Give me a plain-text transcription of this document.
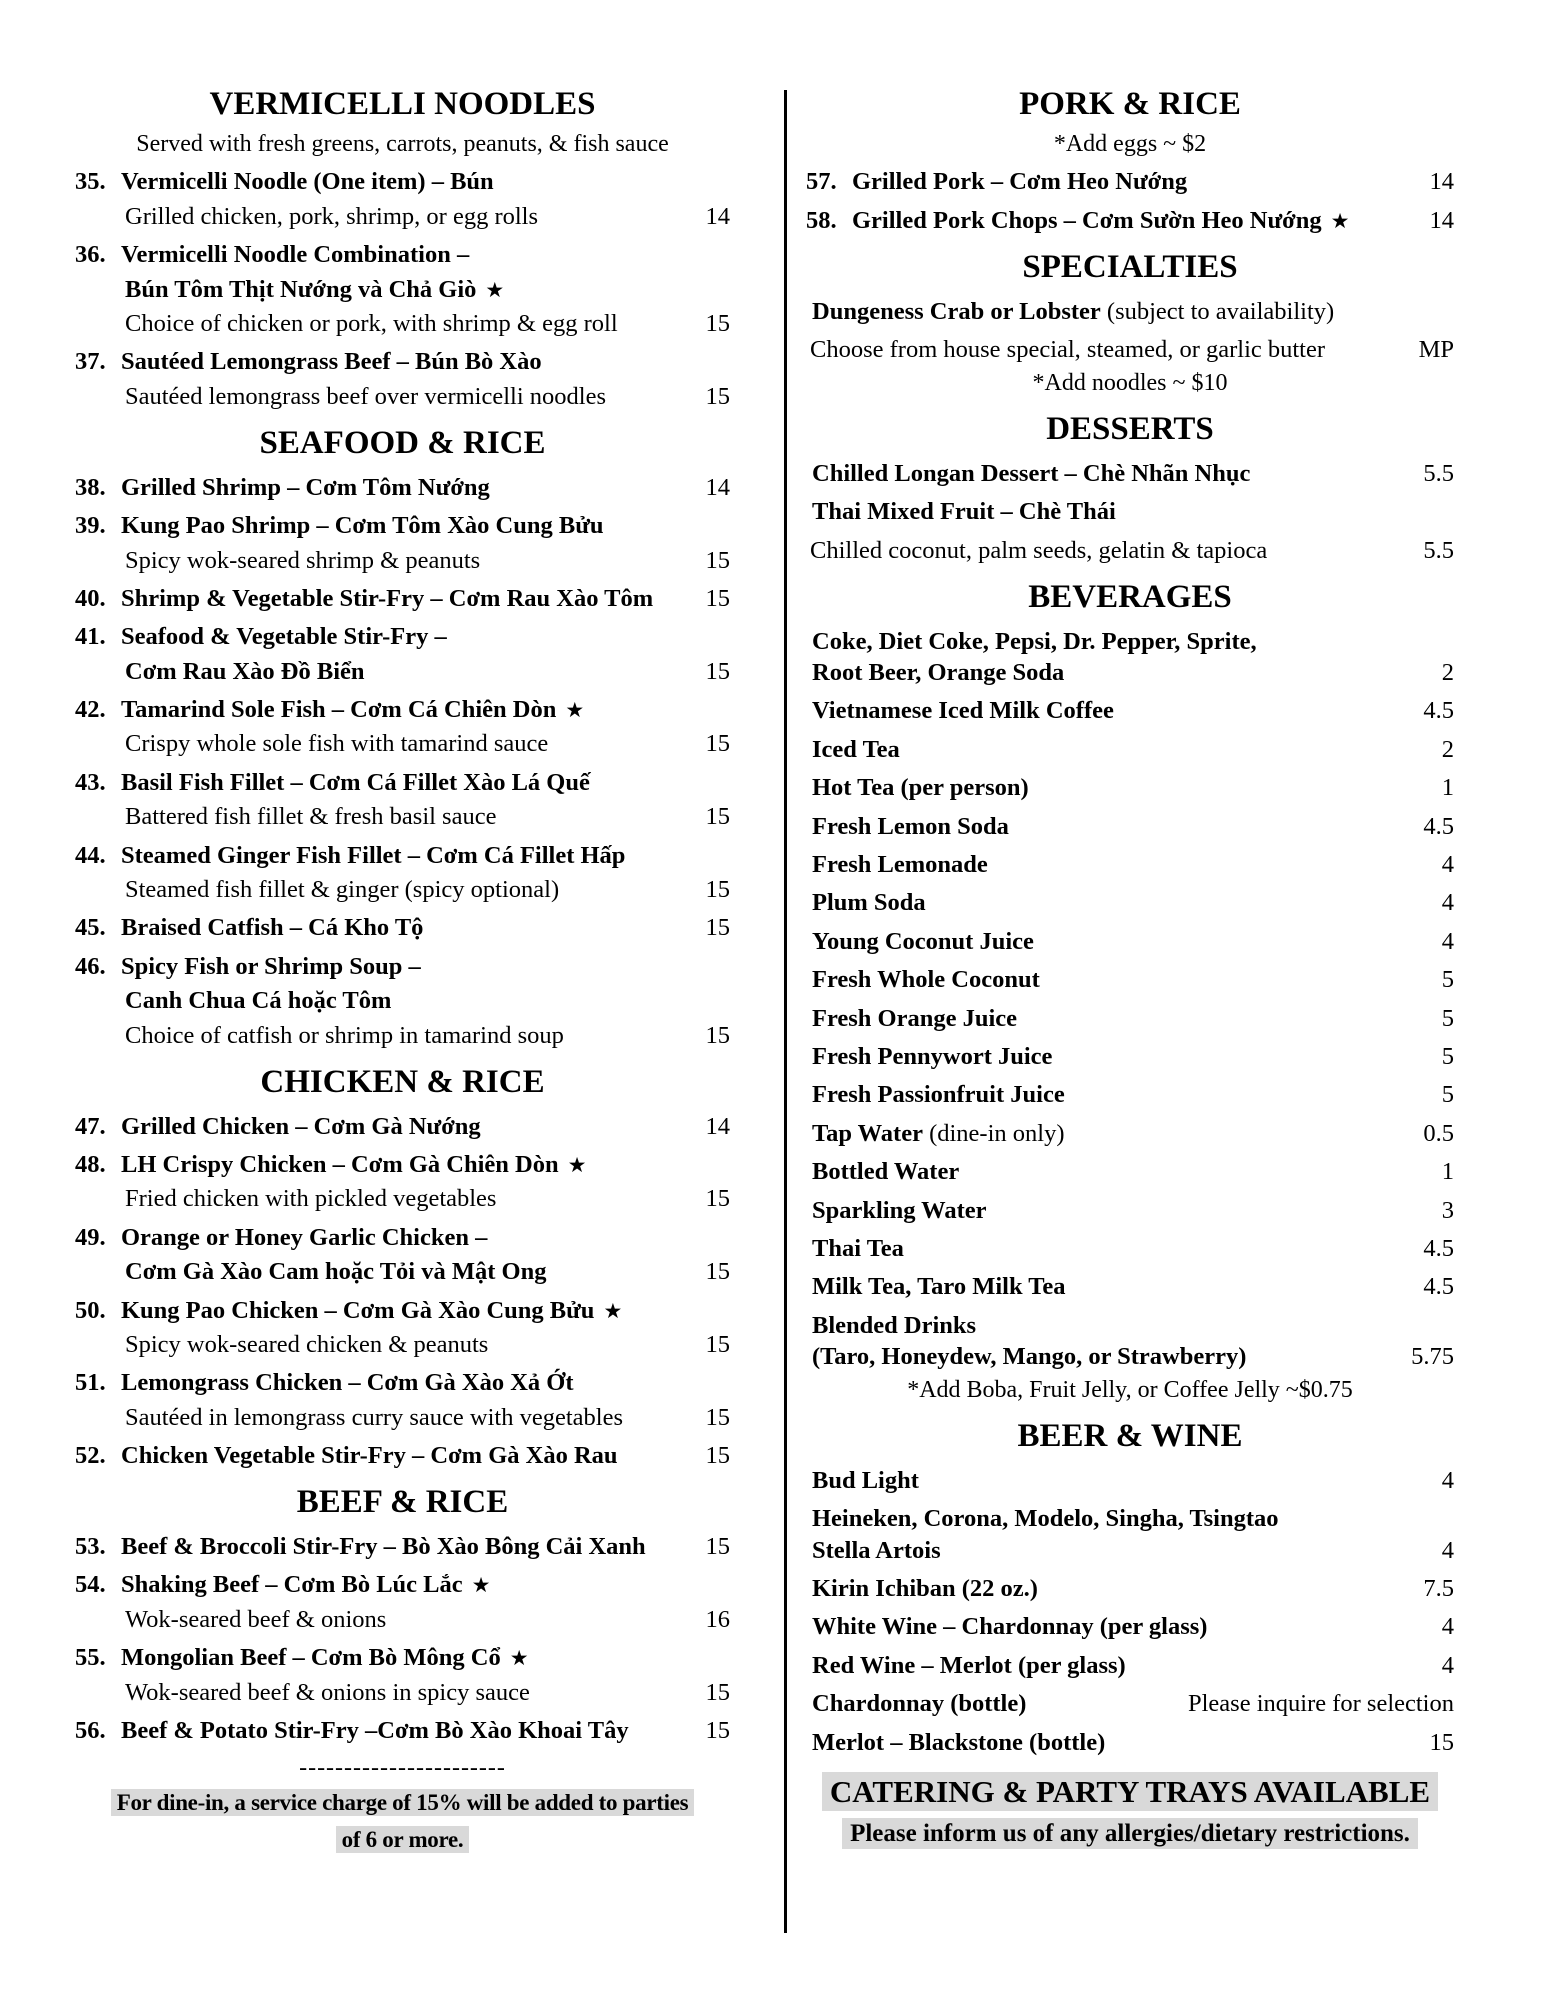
VERMICELLI NOODLES
Served with fresh greens, carrots, peanuts, & fish sauce
35. Vermicelli Noodle (One item) – Bún
Grilled chicken, pork, shrimp, or egg rolls	14
36. Vermicelli Noodle Combination –
Bún Tôm Thịt Nướng và Chả Giò ★
Choice of chicken or pork, with shrimp & egg roll	15
37. Sautéed Lemongrass Beef – Bún Bò Xào
Sautéed lemongrass beef over vermicelli noodles	15
SEAFOOD & RICE
38. Grilled Shrimp – Cơm Tôm Nướng	14
39. Kung Pao Shrimp – Cơm Tôm Xào Cung Bửu
Spicy wok-seared shrimp & peanuts	15
40. Shrimp & Vegetable Stir-Fry – Cơm Rau Xào Tôm 15
41. Seafood & Vegetable Stir-Fry –
Cơm Rau Xào Đồ Biển	15
42. Tamarind Sole Fish – Cơm Cá Chiên Dòn ★
Crispy whole sole fish with tamarind sauce	15
43. Basil Fish Fillet – Cơm Cá Fillet Xào Lá Quế
Battered fish fillet & fresh basil sauce	15
44. Steamed Ginger Fish Fillet – Cơm Cá Fillet Hấp
Steamed fish fillet & ginger (spicy optional)	15
45. Braised Catfish – Cá Kho Tộ	15
46. Spicy Fish or Shrimp Soup –
Canh Chua Cá hoặc Tôm
Choice of catfish or shrimp in tamarind soup	15
CHICKEN & RICE
47. Grilled Chicken – Cơm Gà Nướng	14
48. LH Crispy Chicken – Cơm Gà Chiên Dòn ★
Fried chicken with pickled vegetables	15
49. Orange or Honey Garlic Chicken –
Cơm Gà Xào Cam hoặc Tỏi và Mật Ong	15
50. Kung Pao Chicken – Cơm Gà Xào Cung Bửu ★
Spicy wok-seared chicken & peanuts	15
51. Lemongrass Chicken – Cơm Gà Xào Xả Ớt
Sautéed in lemongrass curry sauce with vegetables	15
52. Chicken Vegetable Stir-Fry – Cơm Gà Xào Rau	15
BEEF & RICE
53. Beef & Broccoli Stir-Fry – Bò Xào Bông Cải Xanh 15
54. Shaking Beef – Cơm Bò Lúc Lắc ★
Wok-seared beef & onions	16
55. Mongolian Beef – Cơm Bò Mông Cổ ★
Wok-seared beef & onions in spicy sauce	15
56. Beef & Potato Stir-Fry –Cơm Bò Xào Khoai Tây	15
-----------------------
For dine-in, a service charge of 15% will be added to parties
of 6 or more.
PORK & RICE
*Add eggs ~ $2
57. Grilled Pork – Cơm Heo Nướng	14
58. Grilled Pork Chops – Cơm Sườn Heo Nướng ★	14
SPECIALTIES
Dungeness Crab or Lobster (subject to availability)
Choose from house special, steamed, or garlic butter	MP
*Add noodles ~ $10
DESSERTS
Chilled Longan Dessert – Chè Nhãn Nhục	5.5
Thai Mixed Fruit – Chè Thái
Chilled coconut, palm seeds, gelatin & tapioca	5.5
BEVERAGES
Coke, Diet Coke, Pepsi, Dr. Pepper, Sprite,
Root Beer, Orange Soda	2
Vietnamese Iced Milk Coffee	4.5
Iced Tea	2
Hot Tea (per person)	1
Fresh Lemon Soda	4.5
Fresh Lemonade	4
Plum Soda	4
Young Coconut Juice	4
Fresh Whole Coconut	5
Fresh Orange Juice	5
Fresh Pennywort Juice	5
Fresh Passionfruit Juice	5
Tap Water (dine-in only)	0.5
Bottled Water	1
Sparkling Water	3
Thai Tea	4.5
Milk Tea, Taro Milk Tea	4.5
Blended Drinks
(Taro, Honeydew, Mango, or Strawberry)	5.75
*Add Boba, Fruit Jelly, or Coffee Jelly ~$0.75
BEER & WINE
Bud Light	4
Heineken, Corona, Modelo, Singha, Tsingtao
Stella Artois	4
Kirin Ichiban (22 oz.)	7.5
White Wine – Chardonnay (per glass)	4
Red Wine – Merlot (per glass)	4
Chardonnay (bottle)	Please inquire for selection
Merlot – Blackstone (bottle)	15
CATERING & PARTY TRAYS AVAILABLE
Please inform us of any allergies/dietary restrictions.
